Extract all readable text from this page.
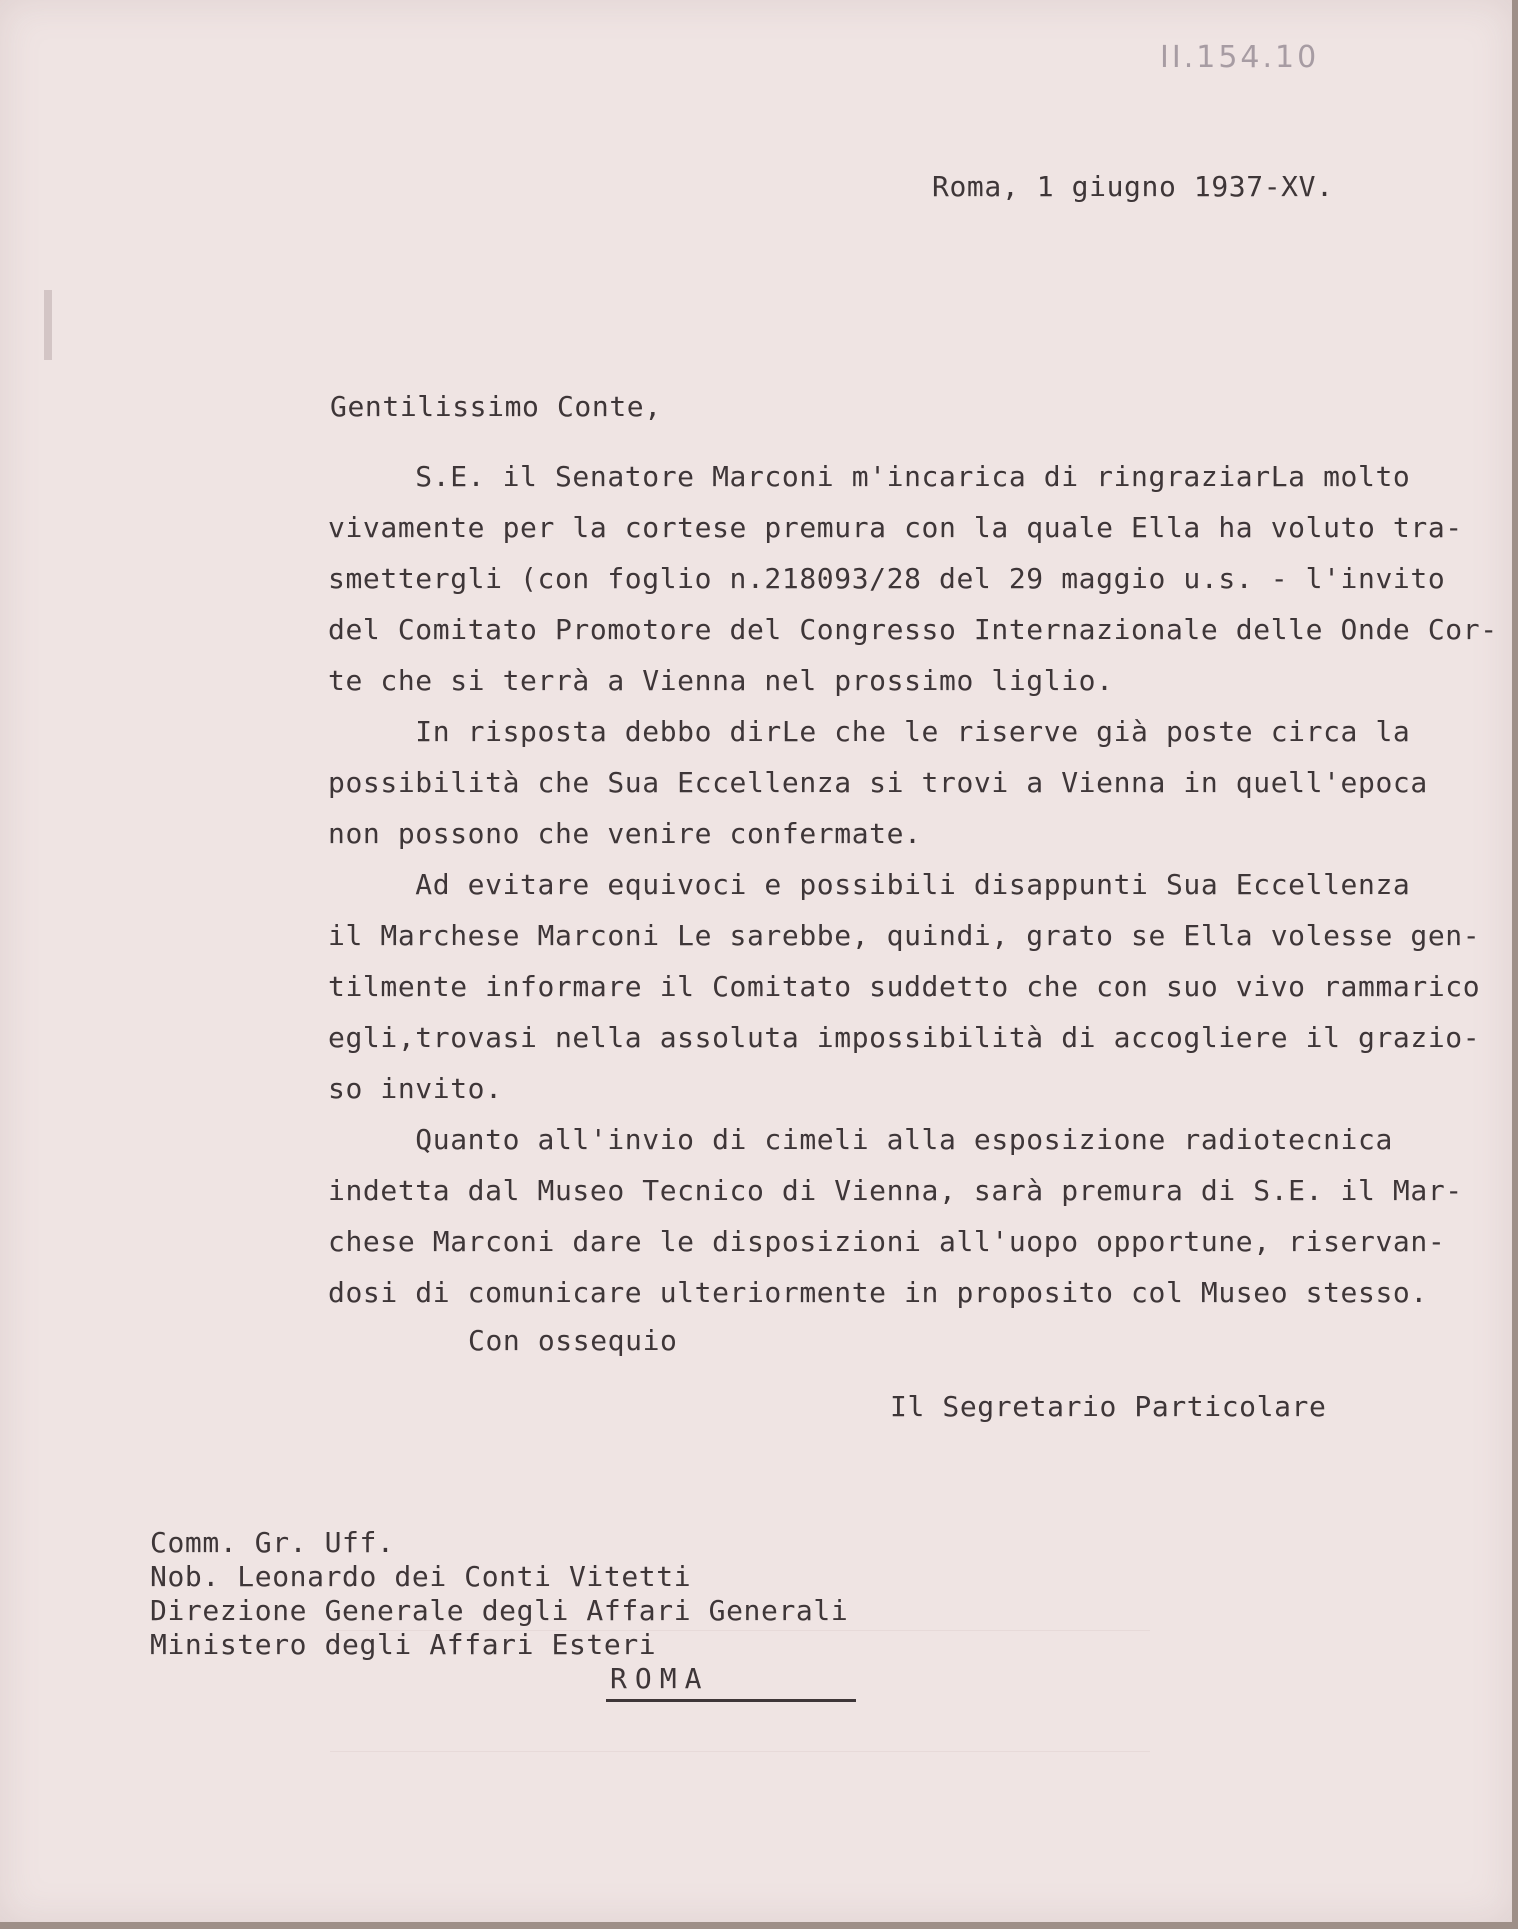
II.154.10
Roma, 1 giugno 1937-XV.
Gentilissimo Conte,
S.E. il Senatore Marconi m'incarica di ringraziarLa molto
vivamente per la cortese premura con la quale Ella ha voluto tra-
smettergli (con foglio n.218093/28 del 29 maggio u.s. - l'invito
del Comitato Promotore del Congresso Internazionale delle Onde Cor-
te che si terrà a Vienna nel prossimo liglio.
In risposta debbo dirLe che le riserve già poste circa la
possibilità che Sua Eccellenza si trovi a Vienna in quell'epoca
non possono che venire confermate.
Ad evitare equivoci e possibili disappunti Sua Eccellenza
il Marchese Marconi Le sarebbe, quindi, grato se Ella volesse gen-
tilmente informare il Comitato suddetto che con suo vivo rammarico
egli,trovasi nella assoluta impossibilità di accogliere il grazio-
so invito.
Quanto all'invio di cimeli alla esposizione radiotecnica
indetta dal Museo Tecnico di Vienna, sarà premura di S.E. il Mar-
chese Marconi dare le disposizioni all'uopo opportune, riservan-
dosi di comunicare ulteriormente in proposito col Museo stesso.
Con ossequio
Il Segretario Particolare
Comm. Gr. Uff.
Nob. Leonardo dei Conti Vitetti
Direzione Generale degli Affari Generali
Ministero degli Affari Esteri
ROMA
